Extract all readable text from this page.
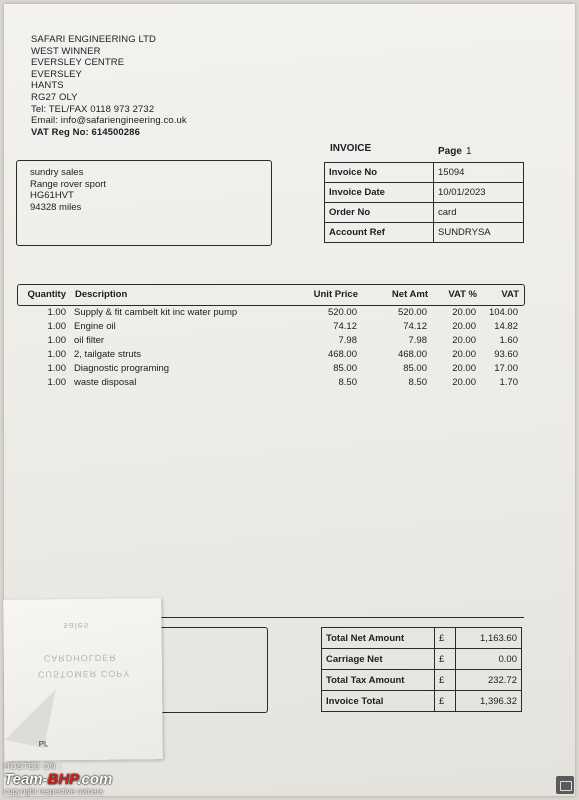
SAFARI ENGINEERING LTD
WEST WINNER
EVERSLEY CENTRE
EVERSLEY
HANTS
RG27 OLY
Tel: TEL/FAX 0118 973 2732
Email: info@safariengineering.co.uk
VAT Reg No: 614500286
INVOICE	Page 1
sundry sales
Range rover sport
HG61HVT
94328 miles
Invoice No	15094
Invoice Date	10/01/2023
Order No	card
Account Ref	SUNDRYSA
Quantity Description	Unit Price	Net Amt	VAT %	VAT
1.00 Supply & fit cambelt kit inc water pump	520.00	520.00	20.00	104.00
1.00 Engine oil	74.12	74.12	20.00	14.82
1.00 oil filter	7.98	7.98	20.00	1.60
1.00 2, tailgate struts	468.00	468.00	20.00	93.60
1.00 Diagnostic programing	85.00	85.00	20.00	17.00
1.00 waste disposal	8.50	8.50	20.00	1.70
Total Net Amount	£	1,163.60
Carriage Net	£	0.00
Total Tax Amount	£	232.72
Invoice Total	£	1,396.32
sales
CARDHOLDER
CUSTOMER COPY
PL
HOSTED ON :
Team-BHP.com
copyright respective owners
